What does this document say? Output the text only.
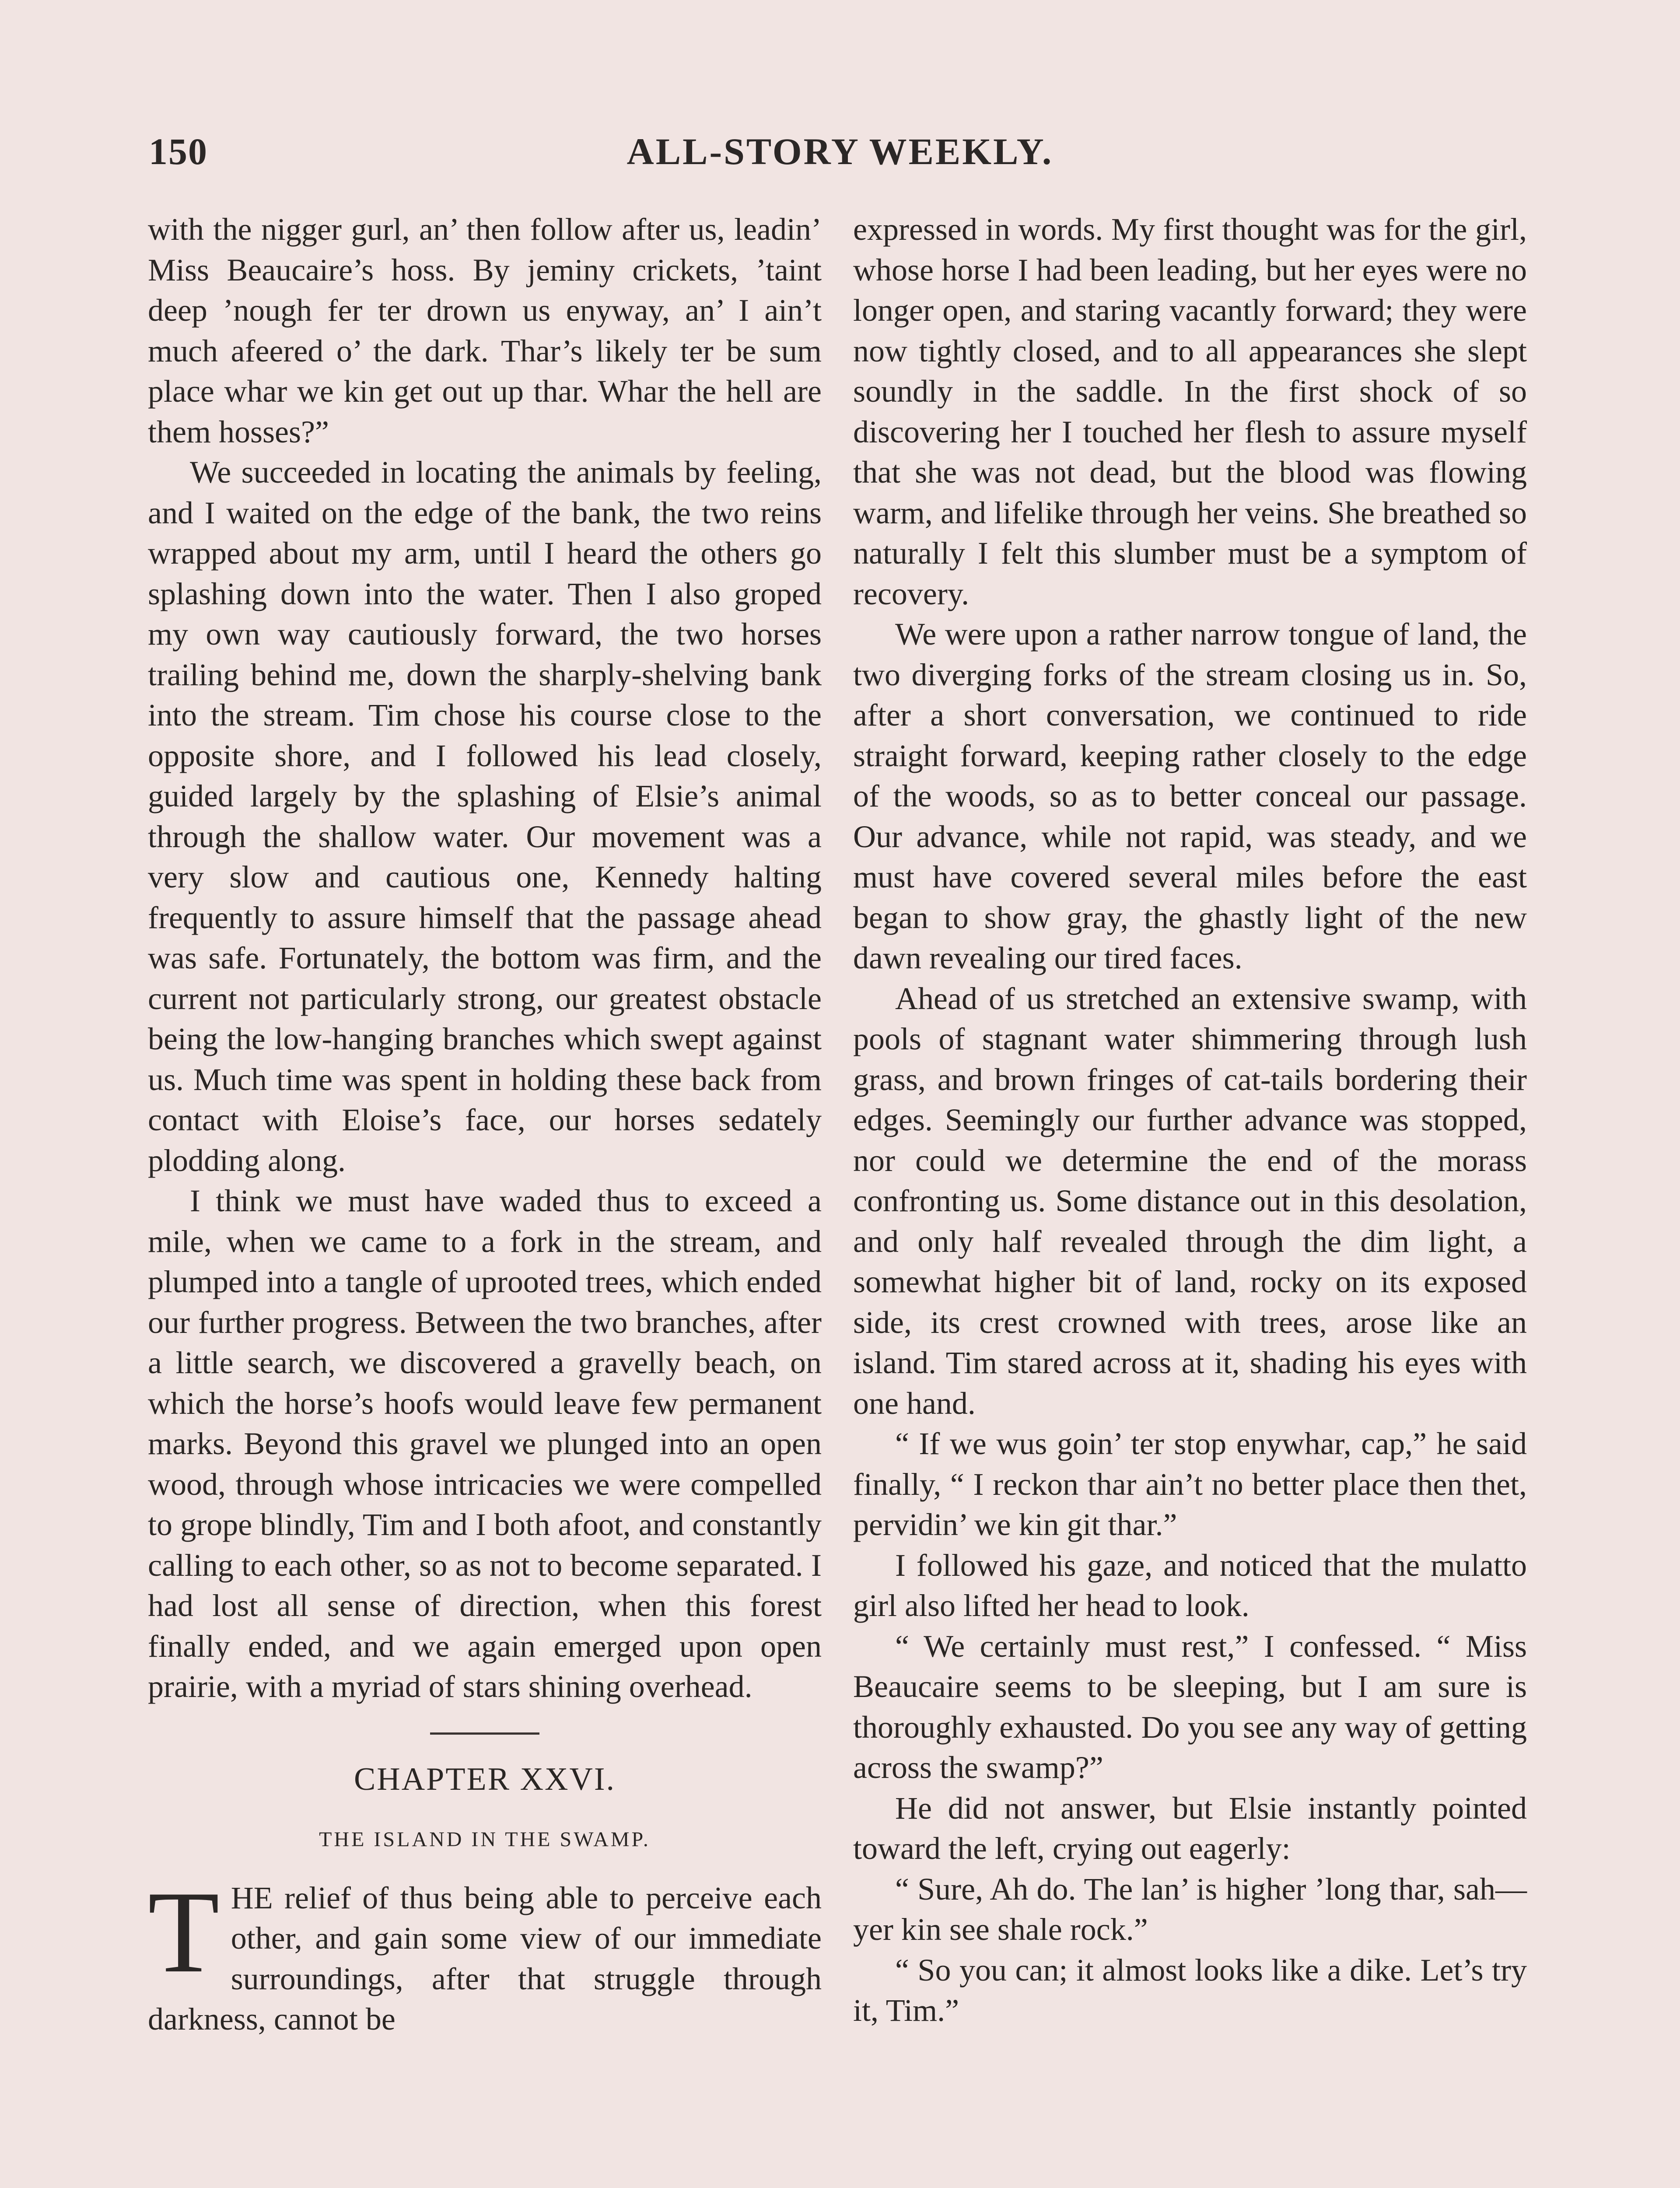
150	ALL-STORY WEEKLY.

with the nigger gurl, an’ then follow after us, leadin’ Miss Beaucaire’s hoss. By jeminy crickets, ’taint deep ’nough fer ter drown us enyway, an’ I ain’t much afeered o’ the dark. Thar’s likely ter be sum place whar we kin get out up thar. Whar the hell are them hosses?”

We succeeded in locating the animals by feeling, and I waited on the edge of the bank, the two reins wrapped about my arm, until I heard the others go splashing down into the water. Then I also groped my own way cautiously forward, the two horses trailing behind me, down the sharply-shelving bank into the stream. Tim chose his course close to the opposite shore, and I followed his lead closely, guided largely by the splashing of Elsie’s animal through the shallow water. Our movement was a very slow and cautious one, Kennedy halting frequently to assure himself that the passage ahead was safe. Fortunately, the bottom was firm, and the current not particularly strong, our greatest obstacle being the low-hanging branches which swept against us. Much time was spent in holding these back from contact with Eloise’s face, our horses sedately plodding along.

I think we must have waded thus to exceed a mile, when we came to a fork in the stream, and plumped into a tangle of uprooted trees, which ended our further progress. Between the two branches, after a little search, we discovered a gravelly beach, on which the horse’s hoofs would leave few permanent marks. Beyond this gravel we plunged into an open wood, through whose intricacies we were compelled to grope blindly, Tim and I both afoot, and constantly calling to each other, so as not to become separated. I had lost all sense of direction, when this forest finally ended, and we again emerged upon open prairie, with a myriad of stars shining overhead.

CHAPTER XXVI.
THE ISLAND IN THE SWAMP.

THE relief of thus being able to perceive each other, and gain some view of our immediate surroundings, after that struggle through darkness, cannot be

expressed in words. My first thought was for the girl, whose horse I had been leading, but her eyes were no longer open, and staring vacantly forward; they were now tightly closed, and to all appearances she slept soundly in the saddle. In the first shock of so discovering her I touched her flesh to assure myself that she was not dead, but the blood was flowing warm, and lifelike through her veins. She breathed so naturally I felt this slumber must be a symptom of recovery.

We were upon a rather narrow tongue of land, the two diverging forks of the stream closing us in. So, after a short conversation, we continued to ride straight forward, keeping rather closely to the edge of the woods, so as to better conceal our passage. Our advance, while not rapid, was steady, and we must have covered several miles before the east began to show gray, the ghastly light of the new dawn revealing our tired faces.

Ahead of us stretched an extensive swamp, with pools of stagnant water shimmering through lush grass, and brown fringes of cat-tails bordering their edges. Seemingly our further advance was stopped, nor could we determine the end of the morass confronting us. Some distance out in this desolation, and only half revealed through the dim light, a somewhat higher bit of land, rocky on its exposed side, its crest crowned with trees, arose like an island. Tim stared across at it, shading his eyes with one hand.

“ If we wus goin’ ter stop enywhar, cap,” he said finally, “ I reckon thar ain’t no better place then thet, pervidin’ we kin git thar.”

I followed his gaze, and noticed that the mulatto girl also lifted her head to look.

“ We certainly must rest,” I confessed. “ Miss Beaucaire seems to be sleeping, but I am sure is thoroughly exhausted. Do you see any way of getting across the swamp?”

He did not answer, but Elsie instantly pointed toward the left, crying out eagerly:

“ Sure, Ah do. The lan’ is higher ’long thar, sah—yer kin see shale rock.”

“ So you can; it almost looks like a dike. Let’s try it, Tim.”
